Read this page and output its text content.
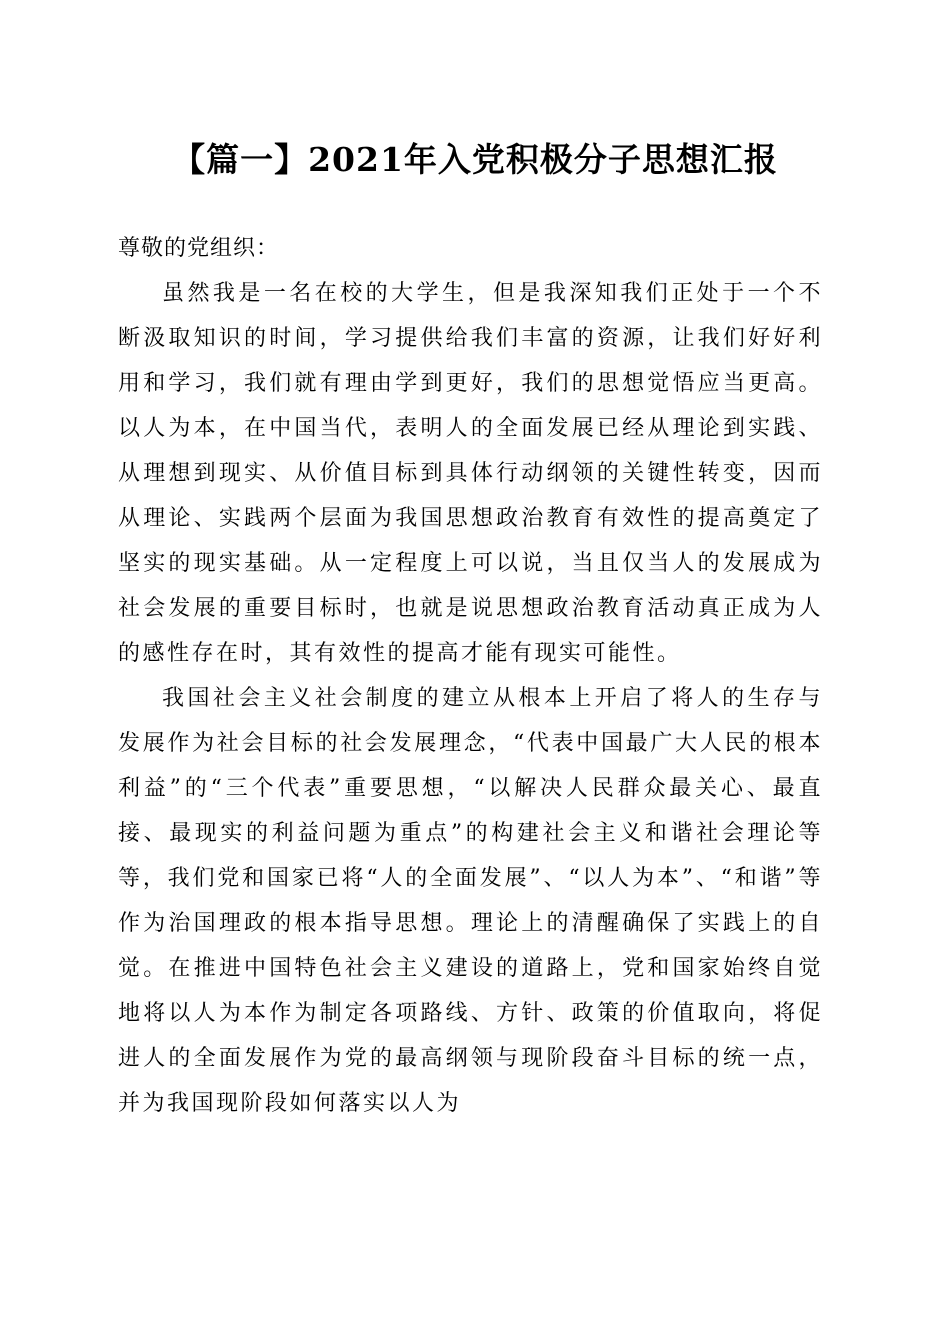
【篇一】2021年入党积极分子思想汇报

尊敬的党组织：

虽然我是一名在校的大学生，但是我深知我们正处于一个不断汲取知识的时间，学习提供给我们丰富的资源，让我们好好利用和学习，我们就有理由学到更好，我们的思想觉悟应当更高。以人为本，在中国当代，表明人的全面发展已经从理论到实践、从理想到现实、从价值目标到具体行动纲领的关键性转变，因而从理论、实践两个层面为我国思想政治教育有效性的提高奠定了坚实的现实基础。从一定程度上可以说，当且仅当人的发展成为社会发展的重要目标时，也就是说思想政治教育活动真正成为人的感性存在时，其有效性的提高才能有现实可能性。

我国社会主义社会制度的建立从根本上开启了将人的生存与发展作为社会目标的社会发展理念，“代表中国最广大人民的根本利益”的“三个代表”重要思想，“以解决人民群众最关心、最直接、最现实的利益问题为重点”的构建社会主义和谐社会理论等等，我们党和国家已将“人的全面发展”、“以人为本”、“和谐”等作为治国理政的根本指导思想。理论上的清醒确保了实践上的自觉。在推进中国特色社会主义建设的道路上，党和国家始终自觉地将以人为本作为制定各项路线、方针、政策的价值取向，将促进人的全面发展作为党的最高纲领与现阶段奋斗目标的统一点，并为我国现阶段如何落实以人为
